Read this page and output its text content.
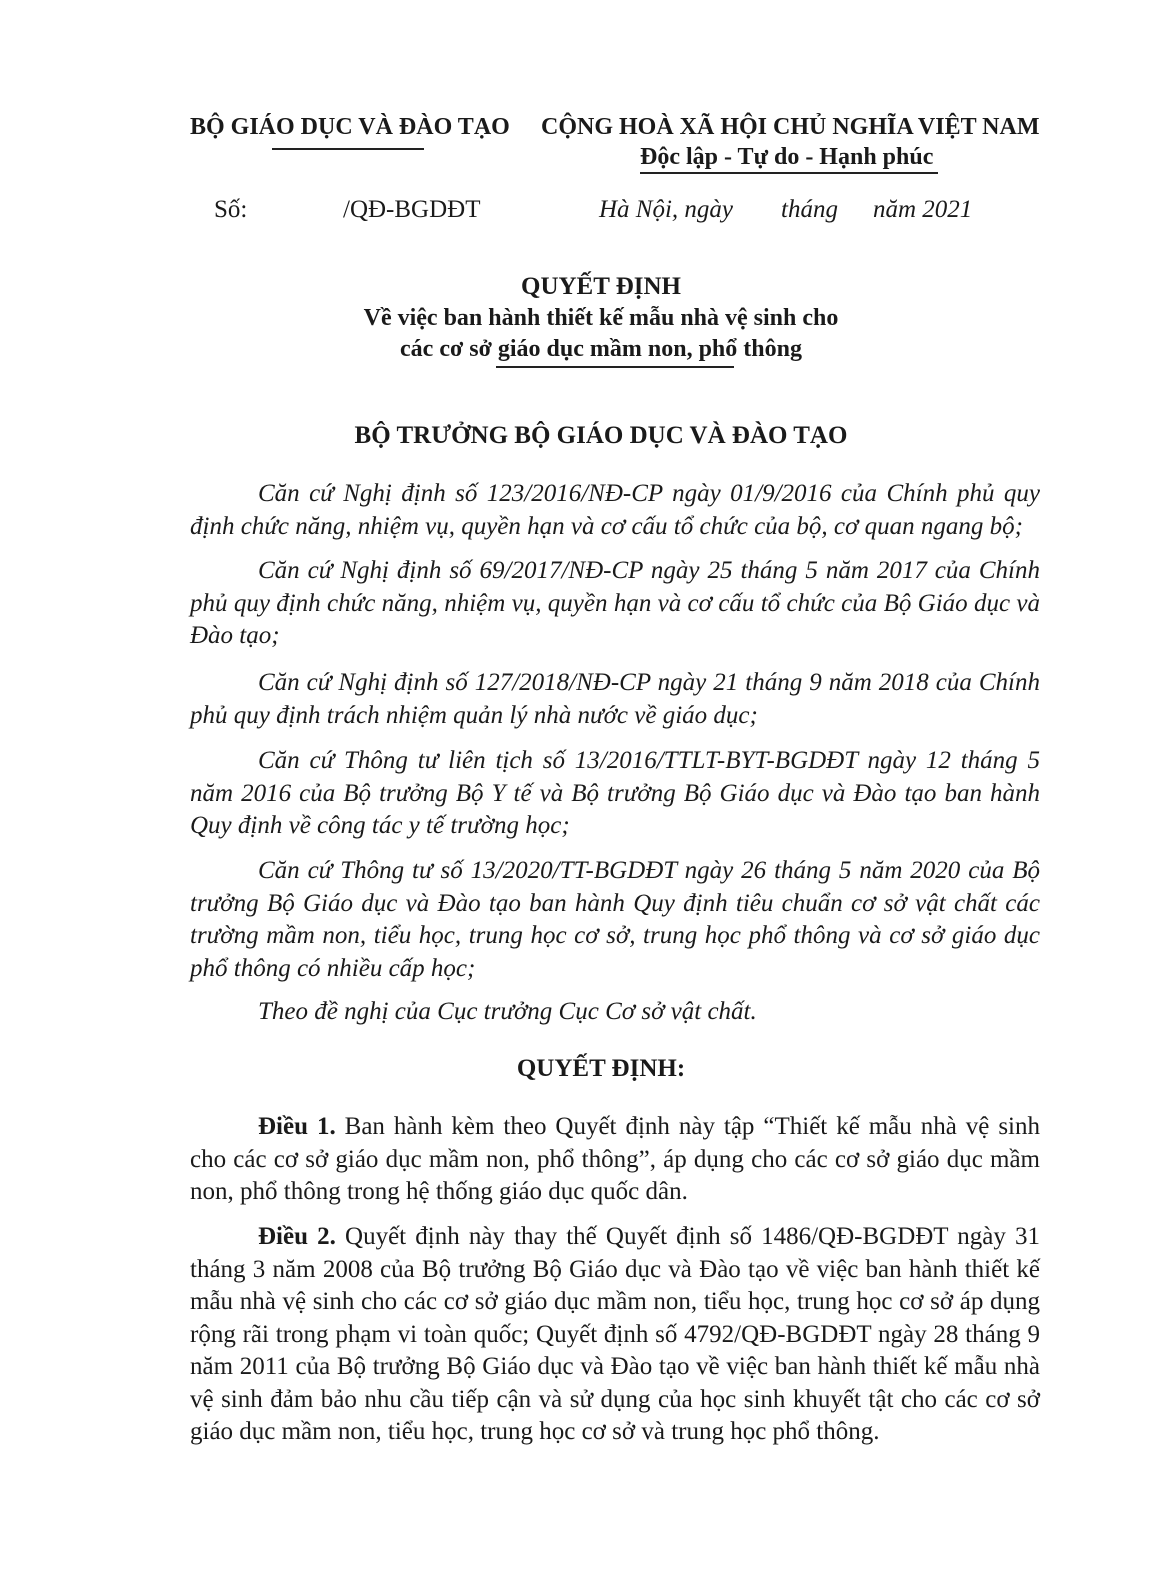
BỘ GIÁO DỤC VÀ ĐÀO TẠO CỘNG HOÀ XÃ HỘI CHỦ NGHĨA VIỆT NAM
Độc lập - Tự do - Hạnh phúc
Số:	/QĐ-BGDĐT	Hà Nội, ngày tháng năm 2021
QUYẾT ĐỊNH
Về việc ban hành thiết kế mẫu nhà vệ sinh cho
các cơ sở giáo dục mầm non, phổ thông
BỘ TRƯỞNG BỘ GIÁO DỤC VÀ ĐÀO TẠO
Căn cứ Nghị định số 123/2016/NĐ-CP ngày 01/9/2016 của Chính phủ quy định chức năng, nhiệm vụ, quyền hạn và cơ cấu tổ chức của bộ, cơ quan ngang bộ;
Căn cứ Nghị định số 69/2017/NĐ-CP ngày 25 tháng 5 năm 2017 của Chính phủ quy định chức năng, nhiệm vụ, quyền hạn và cơ cấu tổ chức của Bộ Giáo dục và Đào tạo;
Căn cứ Nghị định số 127/2018/NĐ-CP ngày 21 tháng 9 năm 2018 của Chính phủ quy định trách nhiệm quản lý nhà nước về giáo dục;
Căn cứ Thông tư liên tịch số 13/2016/TTLT-BYT-BGDĐT ngày 12 tháng 5 năm 2016 của Bộ trưởng Bộ Y tế và Bộ trưởng Bộ Giáo dục và Đào tạo ban hành Quy định về công tác y tế trường học;
Căn cứ Thông tư số 13/2020/TT-BGDĐT ngày 26 tháng 5 năm 2020 của Bộ trưởng Bộ Giáo dục và Đào tạo ban hành Quy định tiêu chuẩn cơ sở vật chất các trường mầm non, tiểu học, trung học cơ sở, trung học phổ thông và cơ sở giáo dục phổ thông có nhiều cấp học;
Theo đề nghị của Cục trưởng Cục Cơ sở vật chất.
QUYẾT ĐỊNH:
Điều 1. Ban hành kèm theo Quyết định này tập “Thiết kế mẫu nhà vệ sinh cho các cơ sở giáo dục mầm non, phổ thông”, áp dụng cho các cơ sở giáo dục mầm non, phổ thông trong hệ thống giáo dục quốc dân.
Điều 2. Quyết định này thay thế Quyết định số 1486/QĐ-BGDĐT ngày 31 tháng 3 năm 2008 của Bộ trưởng Bộ Giáo dục và Đào tạo về việc ban hành thiết kế mẫu nhà vệ sinh cho các cơ sở giáo dục mầm non, tiểu học, trung học cơ sở áp dụng rộng rãi trong phạm vi toàn quốc; Quyết định số 4792/QĐ-BGDĐT ngày 28 tháng 9 năm 2011 của Bộ trưởng Bộ Giáo dục và Đào tạo về việc ban hành thiết kế mẫu nhà vệ sinh đảm bảo nhu cầu tiếp cận và sử dụng của học sinh khuyết tật cho các cơ sở giáo dục mầm non, tiểu học, trung học cơ sở và trung học phổ thông.
